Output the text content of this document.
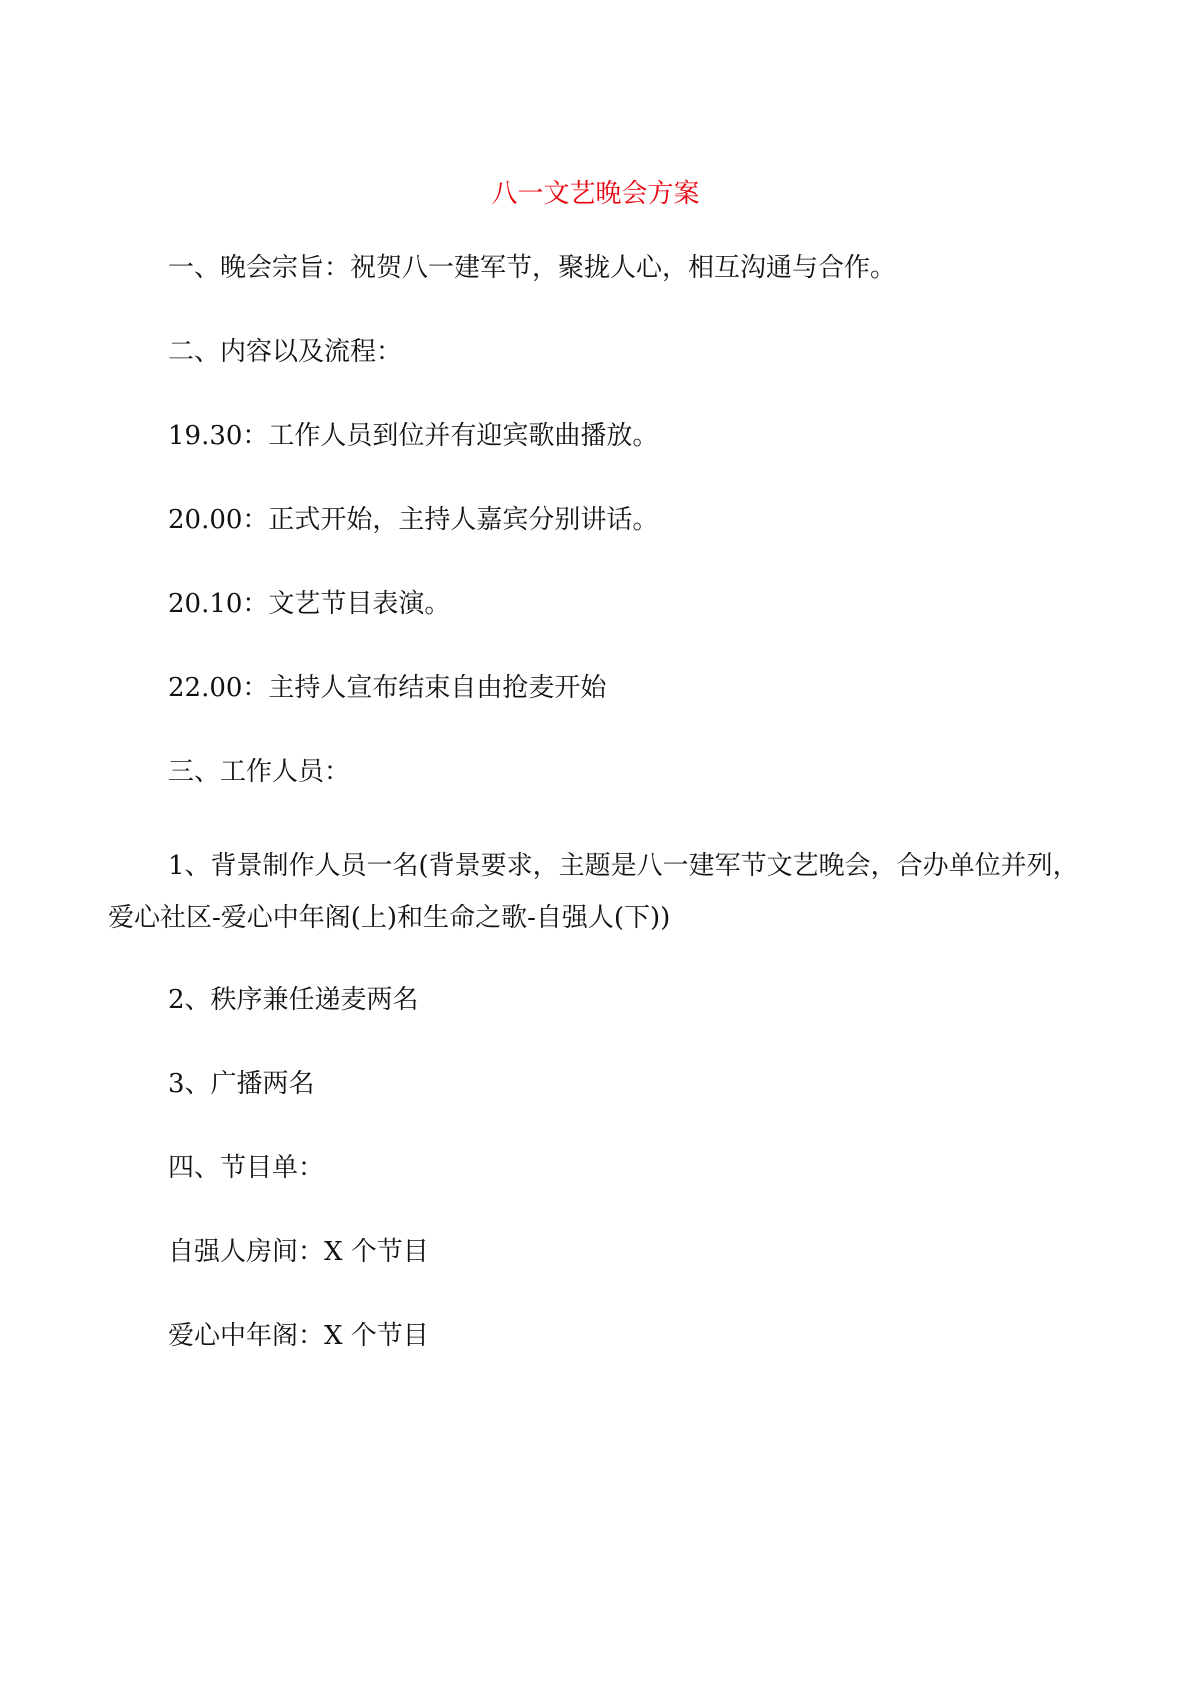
八一文艺晚会方案

一、晚会宗旨：祝贺八一建军节，聚拢人心，相互沟通与合作。

二、内容以及流程：

19.30：工作人员到位并有迎宾歌曲播放。

20.00：正式开始，主持人嘉宾分别讲话。

20.10：文艺节目表演。

22.00：主持人宣布结束自由抢麦开始

三、工作人员：

1、背景制作人员一名(背景要求，主题是八一建军节文艺晚会，合办单位并列，爱心社区-爱心中年阁(上)和生命之歌-自强人(下))

2、秩序兼任递麦两名

3、广播两名

四、节目单：

自强人房间：X 个节目

爱心中年阁：X 个节目
